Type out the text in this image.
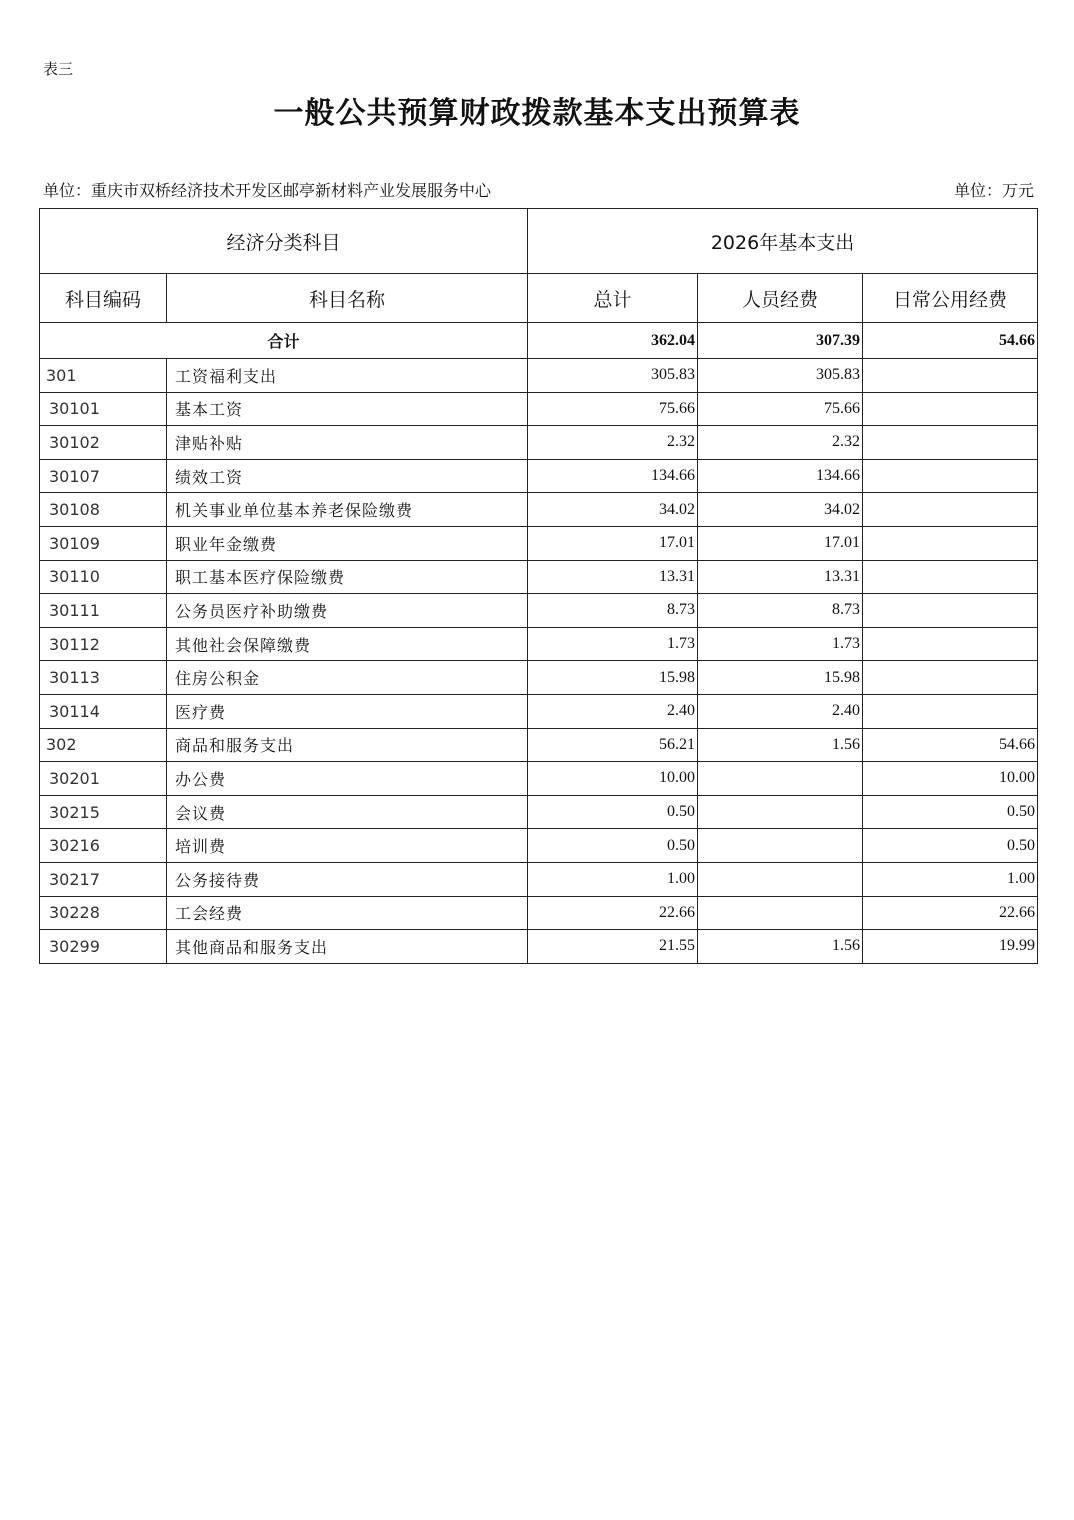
表三
一般公共预算财政拨款基本支出预算表
单位：重庆市双桥经济技术开发区邮亭新材料产业发展服务中心	单位：万元
经济分类科目		2026年基本支出		
科目编码	科目名称	总计	人员经费	日常公用经费
合计		362.04	307.39	54.66
301	工资福利支出	305.83	305.83	
30101	基本工资	75.66	75.66	
30102	津贴补贴	2.32	2.32	
30107	绩效工资	134.66	134.66	
30108	机关事业单位基本养老保险缴费	34.02	34.02	
30109	职业年金缴费	17.01	17.01	
30110	职工基本医疗保险缴费	13.31	13.31	
30111	公务员医疗补助缴费	8.73	8.73	
30112	其他社会保障缴费	1.73	1.73	
30113	住房公积金	15.98	15.98	
30114	医疗费	2.40	2.40	
302	商品和服务支出	56.21	1.56	54.66
30201	办公费	10.00		10.00
30215	会议费	0.50		0.50
30216	培训费	0.50		0.50
30217	公务接待费	1.00		1.00
30228	工会经费	22.66		22.66
30299	其他商品和服务支出	21.55	1.56	19.99
